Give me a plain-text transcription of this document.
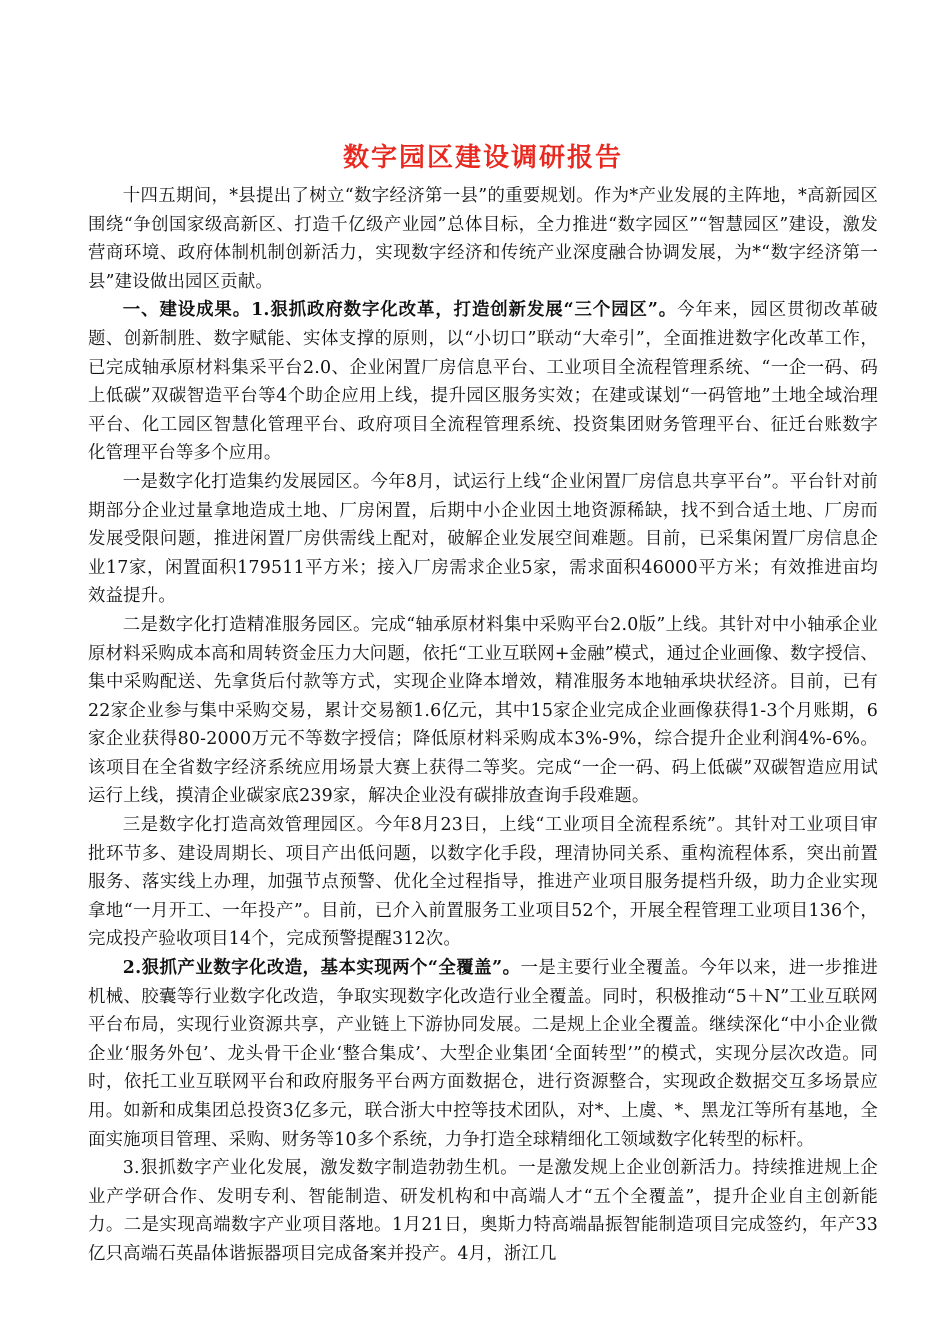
数字园区建设调研报告

十四五期间，*县提出了树立“数字经济第一县”的重要规划。作为*产业发展的主阵地，*高新园区围绕“争创国家级高新区、打造千亿级产业园”总体目标，全力推进“数字园区”“智慧园区”建设，激发营商环境、政府体制机制创新活力，实现数字经济和传统产业深度融合协调发展，为*“数字经济第一县”建设做出园区贡献。

一、建设成果。1.狠抓政府数字化改革，打造创新发展“三个园区”。今年来，园区贯彻改革破题、创新制胜、数字赋能、实体支撑的原则，以“小切口”联动“大牵引”，全面推进数字化改革工作，已完成轴承原材料集采平台2.0、企业闲置厂房信息平台、工业项目全流程管理系统、“一企一码、码上低碳”双碳智造平台等4个助企应用上线，提升园区服务实效；在建或谋划“一码管地”土地全域治理平台、化工园区智慧化管理平台、政府项目全流程管理系统、投资集团财务管理平台、征迁台账数字化管理平台等多个应用。

一是数字化打造集约发展园区。今年8月，试运行上线“企业闲置厂房信息共享平台”。平台针对前期部分企业过量拿地造成土地、厂房闲置，后期中小企业因土地资源稀缺，找不到合适土地、厂房而发展受限问题，推进闲置厂房供需线上配对，破解企业发展空间难题。目前，已采集闲置厂房信息企业17家，闲置面积179511平方米；接入厂房需求企业5家，需求面积46000平方米；有效推进亩均效益提升。

二是数字化打造精准服务园区。完成“轴承原材料集中采购平台2.0版”上线。其针对中小轴承企业原材料采购成本高和周转资金压力大问题，依托“工业互联网+金融”模式，通过企业画像、数字授信、集中采购配送、先拿货后付款等方式，实现企业降本增效，精准服务本地轴承块状经济。目前，已有22家企业参与集中采购交易，累计交易额1.6亿元，其中15家企业完成企业画像获得1-3个月账期，6家企业获得80-2000万元不等数字授信；降低原材料采购成本3%-9%，综合提升企业利润4%-6%。该项目在全省数字经济系统应用场景大赛上获得二等奖。完成“一企一码、码上低碳”双碳智造应用试运行上线，摸清企业碳家底239家，解决企业没有碳排放查询手段难题。

三是数字化打造高效管理园区。今年8月23日，上线“工业项目全流程系统”。其针对工业项目审批环节多、建设周期长、项目产出低问题，以数字化手段，理清协同关系、重构流程体系，突出前置服务、落实线上办理，加强节点预警、优化全过程指导，推进产业项目服务提档升级，助力企业实现拿地“一月开工、一年投产”。目前，已介入前置服务工业项目52个，开展全程管理工业项目136个，完成投产验收项目14个，完成预警提醒312次。

2.狠抓产业数字化改造，基本实现两个“全覆盖”。一是主要行业全覆盖。今年以来，进一步推进机械、胶囊等行业数字化改造，争取实现数字化改造行业全覆盖。同时，积极推动“5＋N”工业互联网平台布局，实现行业资源共享，产业链上下游协同发展。二是规上企业全覆盖。继续深化“中小企业微企业‘服务外包’、龙头骨干企业‘整合集成’、大型企业集团‘全面转型’”的模式，实现分层次改造。同时，依托工业互联网平台和政府服务平台两方面数据仓，进行资源整合，实现政企数据交互多场景应用。如新和成集团总投资3亿多元，联合浙大中控等技术团队，对*、上虞、*、黑龙江等所有基地，全面实施项目管理、采购、财务等10多个系统，力争打造全球精细化工领域数字化转型的标杆。

3.狠抓数字产业化发展，激发数字制造勃勃生机。一是激发规上企业创新活力。持续推进规上企业产学研合作、发明专利、智能制造、研发机构和中高端人才“五个全覆盖”，提升企业自主创新能力。二是实现高端数字产业项目落地。1月21日，奥斯力特高端晶振智能制造项目完成签约，年产33亿只高端石英晶体谐振器项目完成备案并投产。4月，浙江几
